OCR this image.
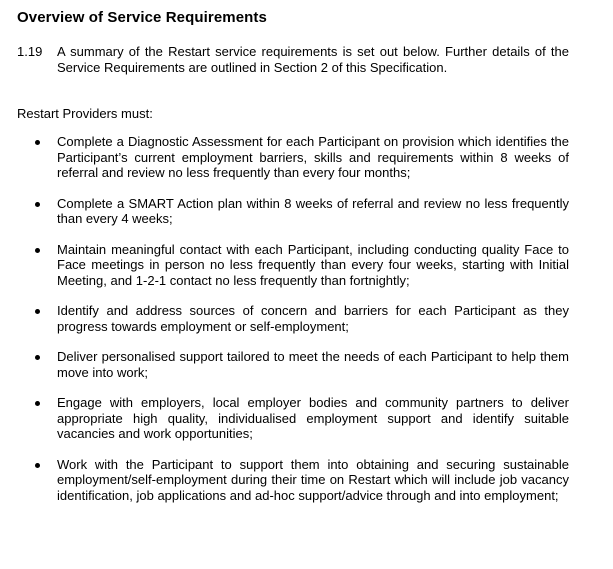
Overview of Service Requirements
1.19 A summary of the Restart service requirements is set out below. Further details of the Service Requirements are outlined in Section 2 of this Specification.
Restart Providers must:
Complete a Diagnostic Assessment for each Participant on provision which identifies the Participant’s current employment barriers, skills and requirements within 8 weeks of referral and review no less frequently than every four months;
Complete a SMART Action plan within 8 weeks of referral and review no less frequently than every 4 weeks;
Maintain meaningful contact with each Participant, including conducting quality Face to Face meetings in person no less frequently than every four weeks, starting with Initial Meeting, and 1-2-1 contact no less frequently than fortnightly;
Identify and address sources of concern and barriers for each Participant as they progress towards employment or self-employment;
Deliver personalised support tailored to meet the needs of each Participant to help them move into work;
Engage with employers, local employer bodies and community partners to deliver appropriate high quality, individualised employment support and identify suitable vacancies and work opportunities;
Work with the Participant to support them into obtaining and securing sustainable employment/self-employment during their time on Restart which will include job vacancy identification, job applications and ad-hoc support/advice through and into employment;
